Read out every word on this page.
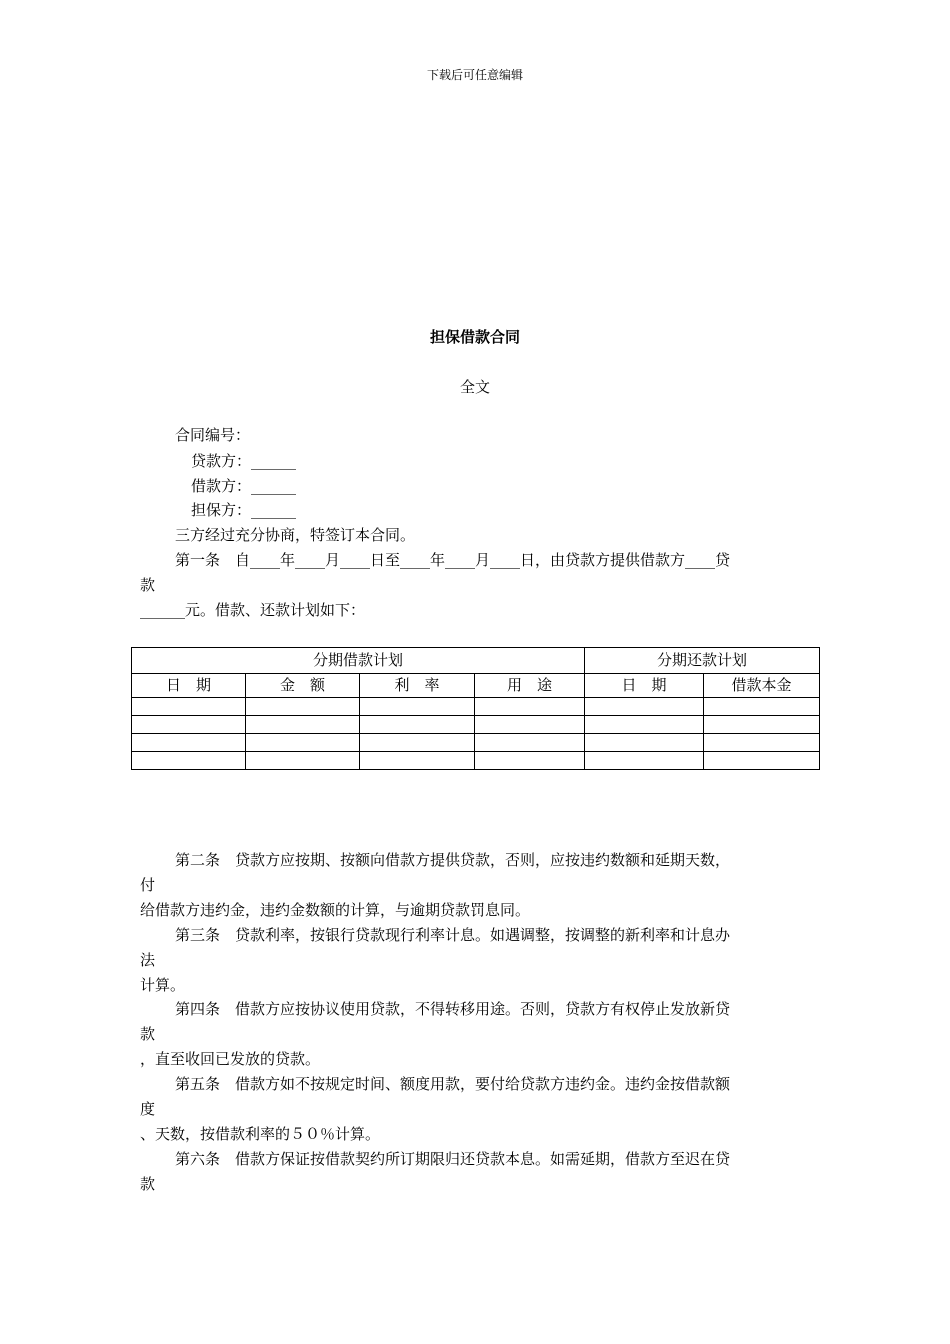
下载后可任意编辑
担保借款合同
全文
合同编号：
贷款方：______
借款方：______
担保方：______
三方经过充分协商，特签订本合同。
第一条　自____年____月____日至____年____月____日，由贷款方提供借款方____贷
款
______元。借款、还款计划如下：
分期借款计划				分期还款计划	
日　期	金　额	利　率	用　途	日　期	借款本金

第二条　贷款方应按期、按额向借款方提供贷款，否则，应按违约数额和延期天数，
付
给借款方违约金，违约金数额的计算，与逾期贷款罚息同。
第三条　贷款利率，按银行贷款现行利率计息。如遇调整，按调整的新利率和计息办
法
计算。
第四条　借款方应按协议使用贷款，不得转移用途。否则，贷款方有权停止发放新贷
款
，直至收回已发放的贷款。
第五条　借款方如不按规定时间、额度用款，要付给贷款方违约金。违约金按借款额
度
、天数，按借款利率的５０％计算。
第六条　借款方保证按借款契约所订期限归还贷款本息。如需延期，借款方至迟在贷
款
